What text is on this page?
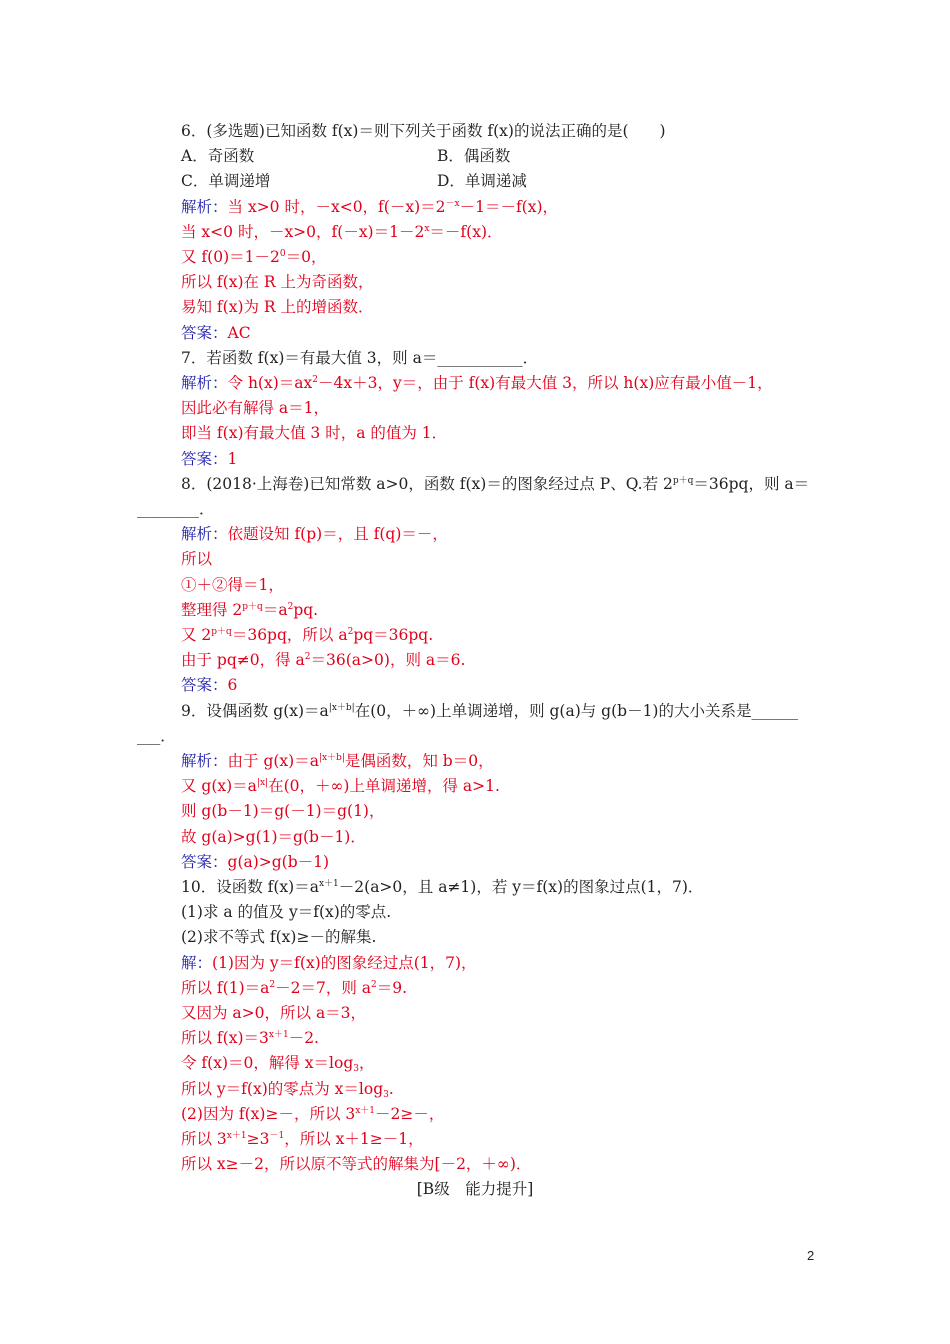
6．(多选题)已知函数 f(x)＝则下列关于函数 f(x)的说法正确的是(　　)
A．奇函数	B．偶函数
C．单调递增	D．单调递减
解析：当 x>0 时，－x<0，$f(-x)=2^{-x}-1=-f(x)$，
当 x<0 时，－x>0，$f(-x)=1-2^x=-f(x)$．
又 $f(0)=1-2^0=0$，
所以 f(x)在 R 上为奇函数，
易知 f(x)为 R 上的增函数．
答案：AC
7．若函数 f(x)＝有最大值 3，则 a＝___________．
解析：令 $h(x)=ax^2-4x+3$，y＝，由于 f(x)有最大值 3，所以 h(x)应有最小值－1，
因此必有解得 a＝1，
即当 f(x)有最大值 3 时，a 的值为 1．
答案：1
8．(2018·上海卷)已知常数 a>0，函数 f(x)＝的图象经过点 P、Q.若 $2^{p+q}=36pq$，则 a＝
________．
解析：依题设知 f(p)＝，且 f(q)＝－，
所以
①＋②得＝1，
整理得 $2^{p+q}=a^2pq$.
又 $2^{p+q}=36pq$，所以 $a^2pq=36pq$.
由于 pq≠0，得 $a^2=36(a>0)$，则 a＝6.
答案：6
9．设偶函数 $g(x)=a^{|x+b|}$在(0，＋∞)上单调递增，则 g(a)与 g(b－1)的大小关系是______
___．
解析：由于 $g(x)=a^{|x+b|}$是偶函数，知 b＝0，
又 $g(x)=a^{|x|}$在(0，＋∞)上单调递增，得 a>1.
则 g(b－1)＝g(－1)＝g(1)，
故 g(a)>g(1)＝g(b－1)．
答案：g(a)>g(b－1)
10．设函数 $f(x)=a^{x+1}-2(a>0$，且 a≠1)，若 y＝f(x)的图象过点(1，7)．
(1)求 a 的值及 y＝f(x)的零点.
(2)求不等式 f(x)≥－的解集.
解：(1)因为 y＝f(x)的图象经过点(1，7)，
所以 $f(1)=a^2-2=7$，则 $a^2=9$.
又因为 a>0，所以 a＝3，
所以 $f(x)=3^{x+1}-2$.
令 f(x)＝0，解得 $x=\log_3$，
所以 y＝f(x)的零点为 $x=\log_3$.
(2)因为 f(x)≥－，所以 $3^{x+1}-2\ge-$，
所以 $3^{x+1}\ge 3^{-1}$，所以 x＋1≥－1，
所以 x≥－2，所以原不等式的解集为[－2，＋∞)．
[B级　能力提升]
2
